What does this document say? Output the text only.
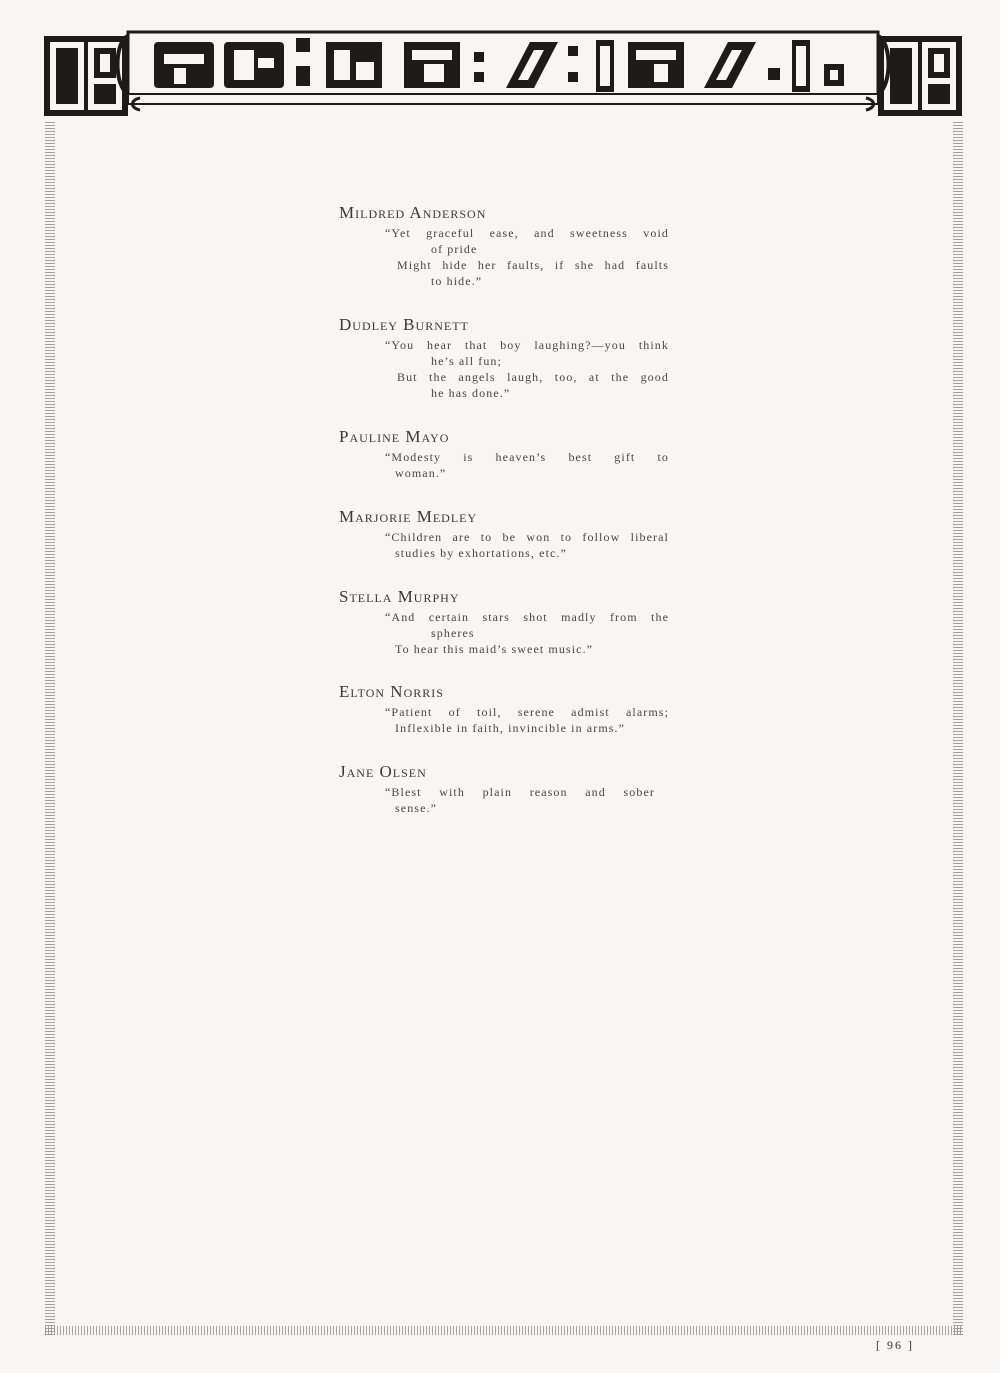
19
Mildred Anderson
“Yet graceful ease, and sweetness void
of pride
Might hide her faults, if she had faults
to hide.”
Dudley Burnett
“You hear that boy laughing?—you think
he’s all fun;
But the angels laugh, too, at the good
he has done.”
Pauline Mayo
“Modesty is heaven’s best gift to
woman.”
Marjorie Medley
“Children are to be won to follow liberal
studies by exhortations, etc.”
Stella Murphy
“And certain stars shot madly from the
spheres
To hear this maid’s sweet music.”
Elton Norris
“Patient of toil, serene admist alarms;
Inflexible in faith, invincible in arms.”
Jane Olsen
“Blest with plain reason and sober
sense.”
[ 96 ]
